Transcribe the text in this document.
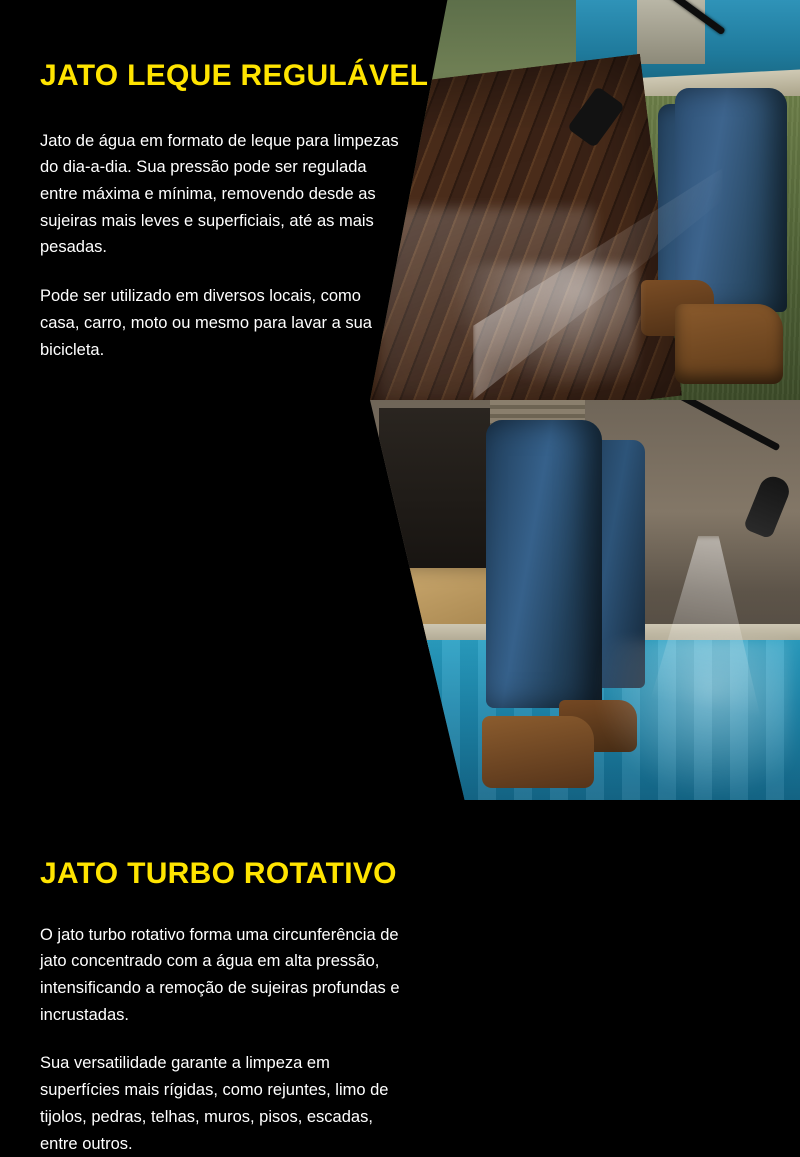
JATO LEQUE REGULÁVEL

Jato de água em formato de leque para limpezas do dia-a-dia. Sua pressão pode ser regulada entre máxima e mínima, removendo desde as sujeiras mais leves e superficiais, até as mais pesadas.

Pode ser utilizado em diversos locais, como casa, carro, moto ou mesmo para lavar a sua bicicleta.

JATO TURBO ROTATIVO

O jato turbo rotativo forma uma circunferência de jato concentrado com a água em alta pressão, intensificando a remoção de sujeiras profundas e incrustadas.

Sua versatilidade garante a limpeza em superfícies mais rígidas, como rejuntes, limo de tijolos, pedras, telhas, muros, pisos, escadas, entre outros.
